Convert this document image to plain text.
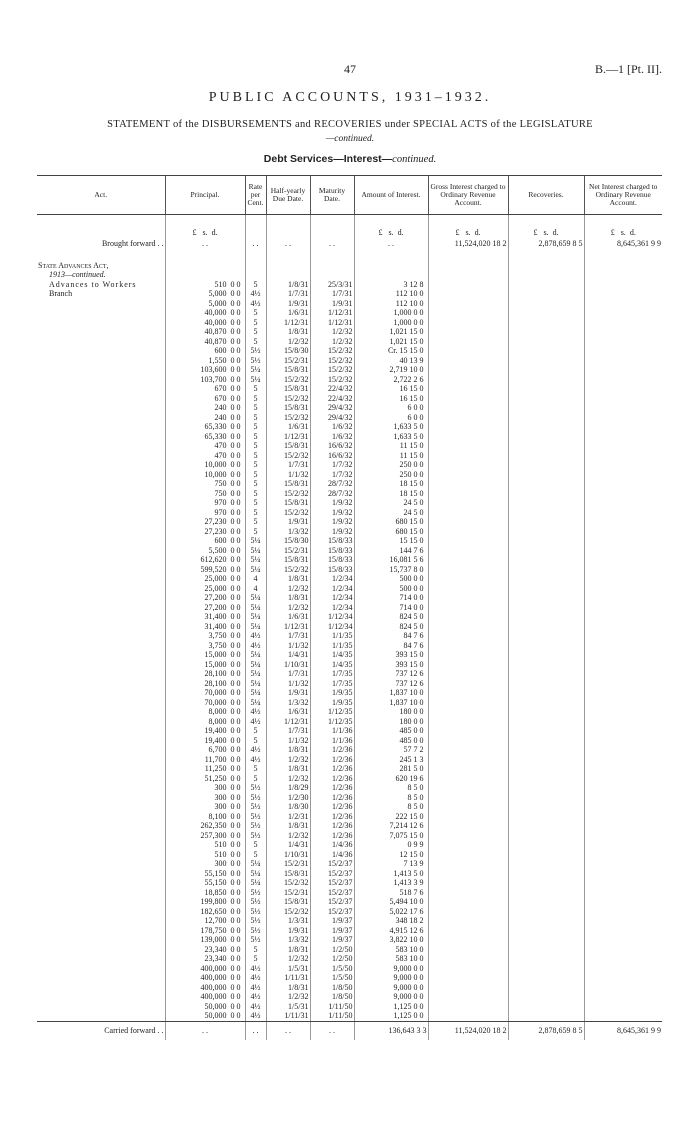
47	B.—1 [Pt. II].
PUBLIC ACCOUNTS, 1931–1932.
STATEMENT of the DISBURSEMENTS and RECOVERIES under SPECIAL ACTS of the LEGISLATURE
—continued.
Debt Services—Interest—continued.
Act.	Principal.	Rate per Cent.	Half-yearly Due Date.	Maturity Date.	Amount of Interest.	Gross Interest charged to Ordinary Revenue Account.	Recoveries.	Net Interest charged to Ordinary Revenue Account.

	£ s. d.				£ s. d.	£ s. d.	£ s. d.	£ s. d.
Brought forward . .	. .	. .	. .	. .	. .	11,524,020 18 2	2,878,659 8 5	8,645,361 9 9

State Advances Act,								
1913—continued.								
Advances to Workers	510 0 0	5	1/8/31	25/3/31	3 12 8			
Branch	5,000 0 0	4½	1/7/31	1/7/31	112 10 0			
	5,000 0 0	4½	1/9/31	1/9/31	112 10 0			
	40,000 0 0	5	1/6/31	1/12/31	1,000 0 0			
	40,000 0 0	5	1/12/31	1/12/31	1,000 0 0			
	40,870 0 0	5	1/8/31	1/2/32	1,021 15 0			
	40,870 0 0	5	1/2/32	1/2/32	1,021 15 0			
	600 0 0	5½	15/8/30	15/2/32	Cr. 15 15 0			
	1,550 0 0	5½	15/2/31	15/2/32	40 13 9			
	103,600 0 0	5¼	15/8/31	15/2/32	2,719 10 0			
	103,700 0 0	5¼	15/2/32	15/2/32	2,722 2 6			
	670 0 0	5	15/8/31	22/4/32	16 15 0			
	670 0 0	5	15/2/32	22/4/32	16 15 0			
	240 0 0	5	15/8/31	29/4/32	6 0 0			
	240 0 0	5	15/2/32	29/4/32	6 0 0			
	65,330 0 0	5	1/6/31	1/6/32	1,633 5 0			
	65,330 0 0	5	1/12/31	1/6/32	1,633 5 0			
	470 0 0	5	15/8/31	16/6/32	11 15 0			
	470 0 0	5	15/2/32	16/6/32	11 15 0			
	10,000 0 0	5	1/7/31	1/7/32	250 0 0			
	10,000 0 0	5	1/1/32	1/7/32	250 0 0			
	750 0 0	5	15/8/31	28/7/32	18 15 0			
	750 0 0	5	15/2/32	28/7/32	18 15 0			
	970 0 0	5	15/8/31	1/9/32	24 5 0			
	970 0 0	5	15/2/32	1/9/32	24 5 0			
	27,230 0 0	5	1/9/31	1/9/32	680 15 0			
	27,230 0 0	5	1/3/32	1/9/32	680 15 0			
	600 0 0	5¼	15/8/30	15/8/33	15 15 0			
	5,500 0 0	5¼	15/2/31	15/8/33	144 7 6			
	612,620 0 0	5¼	15/8/31	15/8/33	16,081 5 6			
	599,520 0 0	5¼	15/2/32	15/8/33	15,737 8 0			
	25,000 0 0	4	1/8/31	1/2/34	500 0 0			
	25,000 0 0	4	1/2/32	1/2/34	500 0 0			
	27,200 0 0	5¼	1/8/31	1/2/34	714 0 0			
	27,200 0 0	5¼	1/2/32	1/2/34	714 0 0			
	31,400 0 0	5¼	1/6/31	1/12/34	824 5 0			
	31,400 0 0	5¼	1/12/31	1/12/34	824 5 0			
	3,750 0 0	4½	1/7/31	1/1/35	84 7 6			
	3,750 0 0	4½	1/1/32	1/1/35	84 7 6			
	15,000 0 0	5¼	1/4/31	1/4/35	393 15 0			
	15,000 0 0	5¼	1/10/31	1/4/35	393 15 0			
	28,100 0 0	5¼	1/7/31	1/7/35	737 12 6			
	28,100 0 0	5¼	1/1/32	1/7/35	737 12 6			
	70,000 0 0	5¼	1/9/31	1/9/35	1,837 10 0			
	70,000 0 0	5¼	1/3/32	1/9/35	1,837 10 0			
	8,000 0 0	4½	1/6/31	1/12/35	180 0 0			
	8,000 0 0	4½	1/12/31	1/12/35	180 0 0			
	19,400 0 0	5	1/7/31	1/1/36	485 0 0			
	19,400 0 0	5	1/1/32	1/1/36	485 0 0			
	6,700 0 0	4½	1/8/31	1/2/36	57 7 2			
	11,700 0 0	4½	1/2/32	1/2/36	245 1 3			
	11,250 0 0	5	1/8/31	1/2/36	281 5 0			
	51,250 0 0	5	1/2/32	1/2/36	620 19 6			
	300 0 0	5½	1/8/29	1/2/36	8 5 0			
	300 0 0	5½	1/2/30	1/2/36	8 5 0			
	300 0 0	5½	1/8/30	1/2/36	8 5 0			
	8,100 0 0	5½	1/2/31	1/2/36	222 15 0			
	262,350 0 0	5½	1/8/31	1/2/36	7,214 12 6			
	257,300 0 0	5½	1/2/32	1/2/36	7,075 15 0			
	510 0 0	5	1/4/31	1/4/36	0 9 9			
	510 0 0	5	1/10/31	1/4/36	12 15 0			
	300 0 0	5¼	15/2/31	15/2/37	7 13 9			
	55,150 0 0	5¼	15/8/31	15/2/37	1,413 5 0			
	55,150 0 0	5¼	15/2/32	15/2/37	1,413 3 9			
	18,850 0 0	5½	15/2/31	15/2/37	518 7 6			
	199,800 0 0	5½	15/8/31	15/2/37	5,494 10 0			
	182,650 0 0	5½	15/2/32	15/2/37	5,022 17 6			
	12,700 0 0	5½	1/3/31	1/9/37	348 18 2			
	178,750 0 0	5½	1/9/31	1/9/37	4,915 12 6			
	139,000 0 0	5½	1/3/32	1/9/37	3,822 10 0			
	23,340 0 0	5	1/8/31	1/2/50	583 10 0			
	23,340 0 0	5	1/2/32	1/2/50	583 10 0			
	400,000 0 0	4½	1/5/31	1/5/50	9,000 0 0			
	400,000 0 0	4½	1/11/31	1/5/50	9,000 0 0			
	400,000 0 0	4½	1/8/31	1/8/50	9,000 0 0			
	400,000 0 0	4½	1/2/32	1/8/50	9,000 0 0			
	50,000 0 0	4½	1/5/31	1/11/50	1,125 0 0			
	50,000 0 0	4½	1/11/31	1/11/50	1,125 0 0			
Carried forward . .	. .	. .	. .	. .	136,643 3 3	11,524,020 18 2	2,878,659 8 5	8,645,361 9 9
